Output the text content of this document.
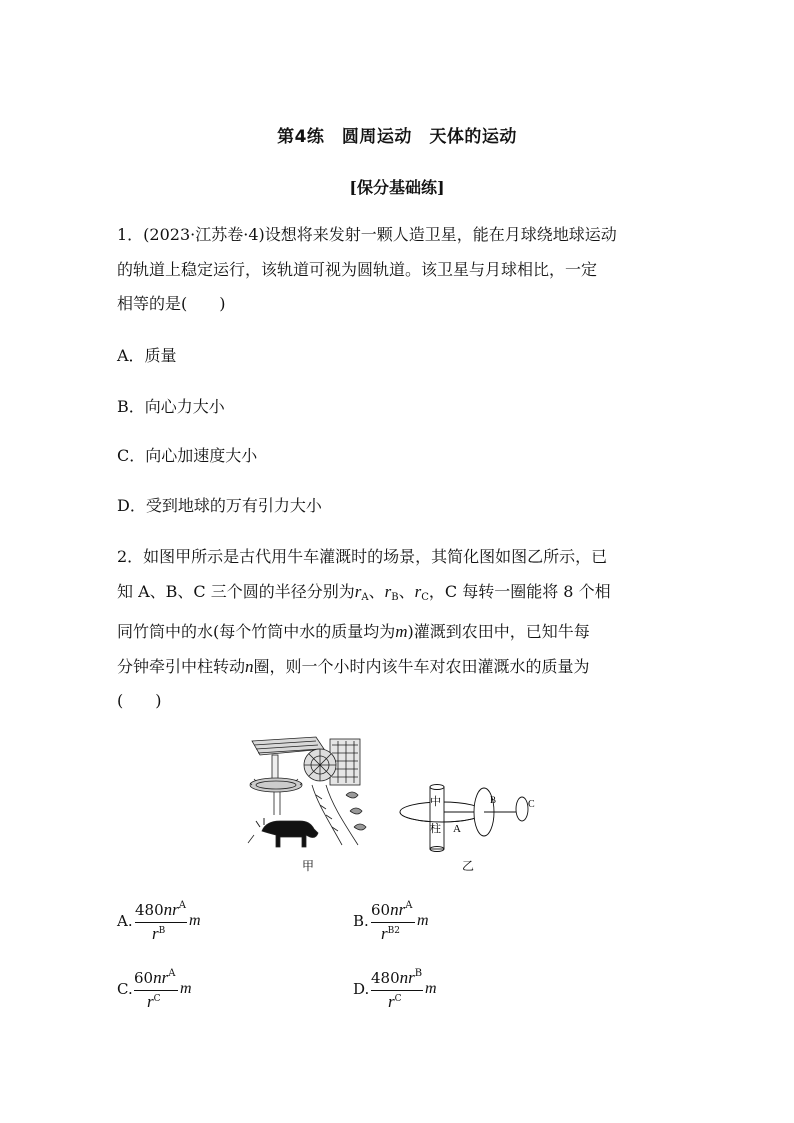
第4练　圆周运动　天体的运动
[保分基础练]
1．(2023·江苏卷·4)设想将来发射一颗人造卫星，能在月球绕地球运动
的轨道上稳定运行，该轨道可视为圆轨道。该卫星与月球相比，一定
相等的是(　　)
A．质量
B．向心力大小
C．向心加速度大小
D．受到地球的万有引力大小
2．如图甲所示是古代用牛车灌溉时的场景，其简化图如图乙所示，已
知 A、B、C 三个圆的半径分别为$r_A$、$r_B$、$r_C$，C 每转一圈能将 8 个相
同竹筒中的水(每个竹筒中水的质量均为m)灌溉到农田中，已知牛每
分钟牵引中柱转动n圈，则一个小时内该牛车对农田灌溉水的质量为
(　　)
中
柱 A
B	C
甲	乙
A.
$480nr^A$
$r^B$
m	B.
$60nr^A$
$r^{B2}$
m
C.
$60nr^A$
$r^C$
m	D.
$480nr^B$
$r^C$
m
